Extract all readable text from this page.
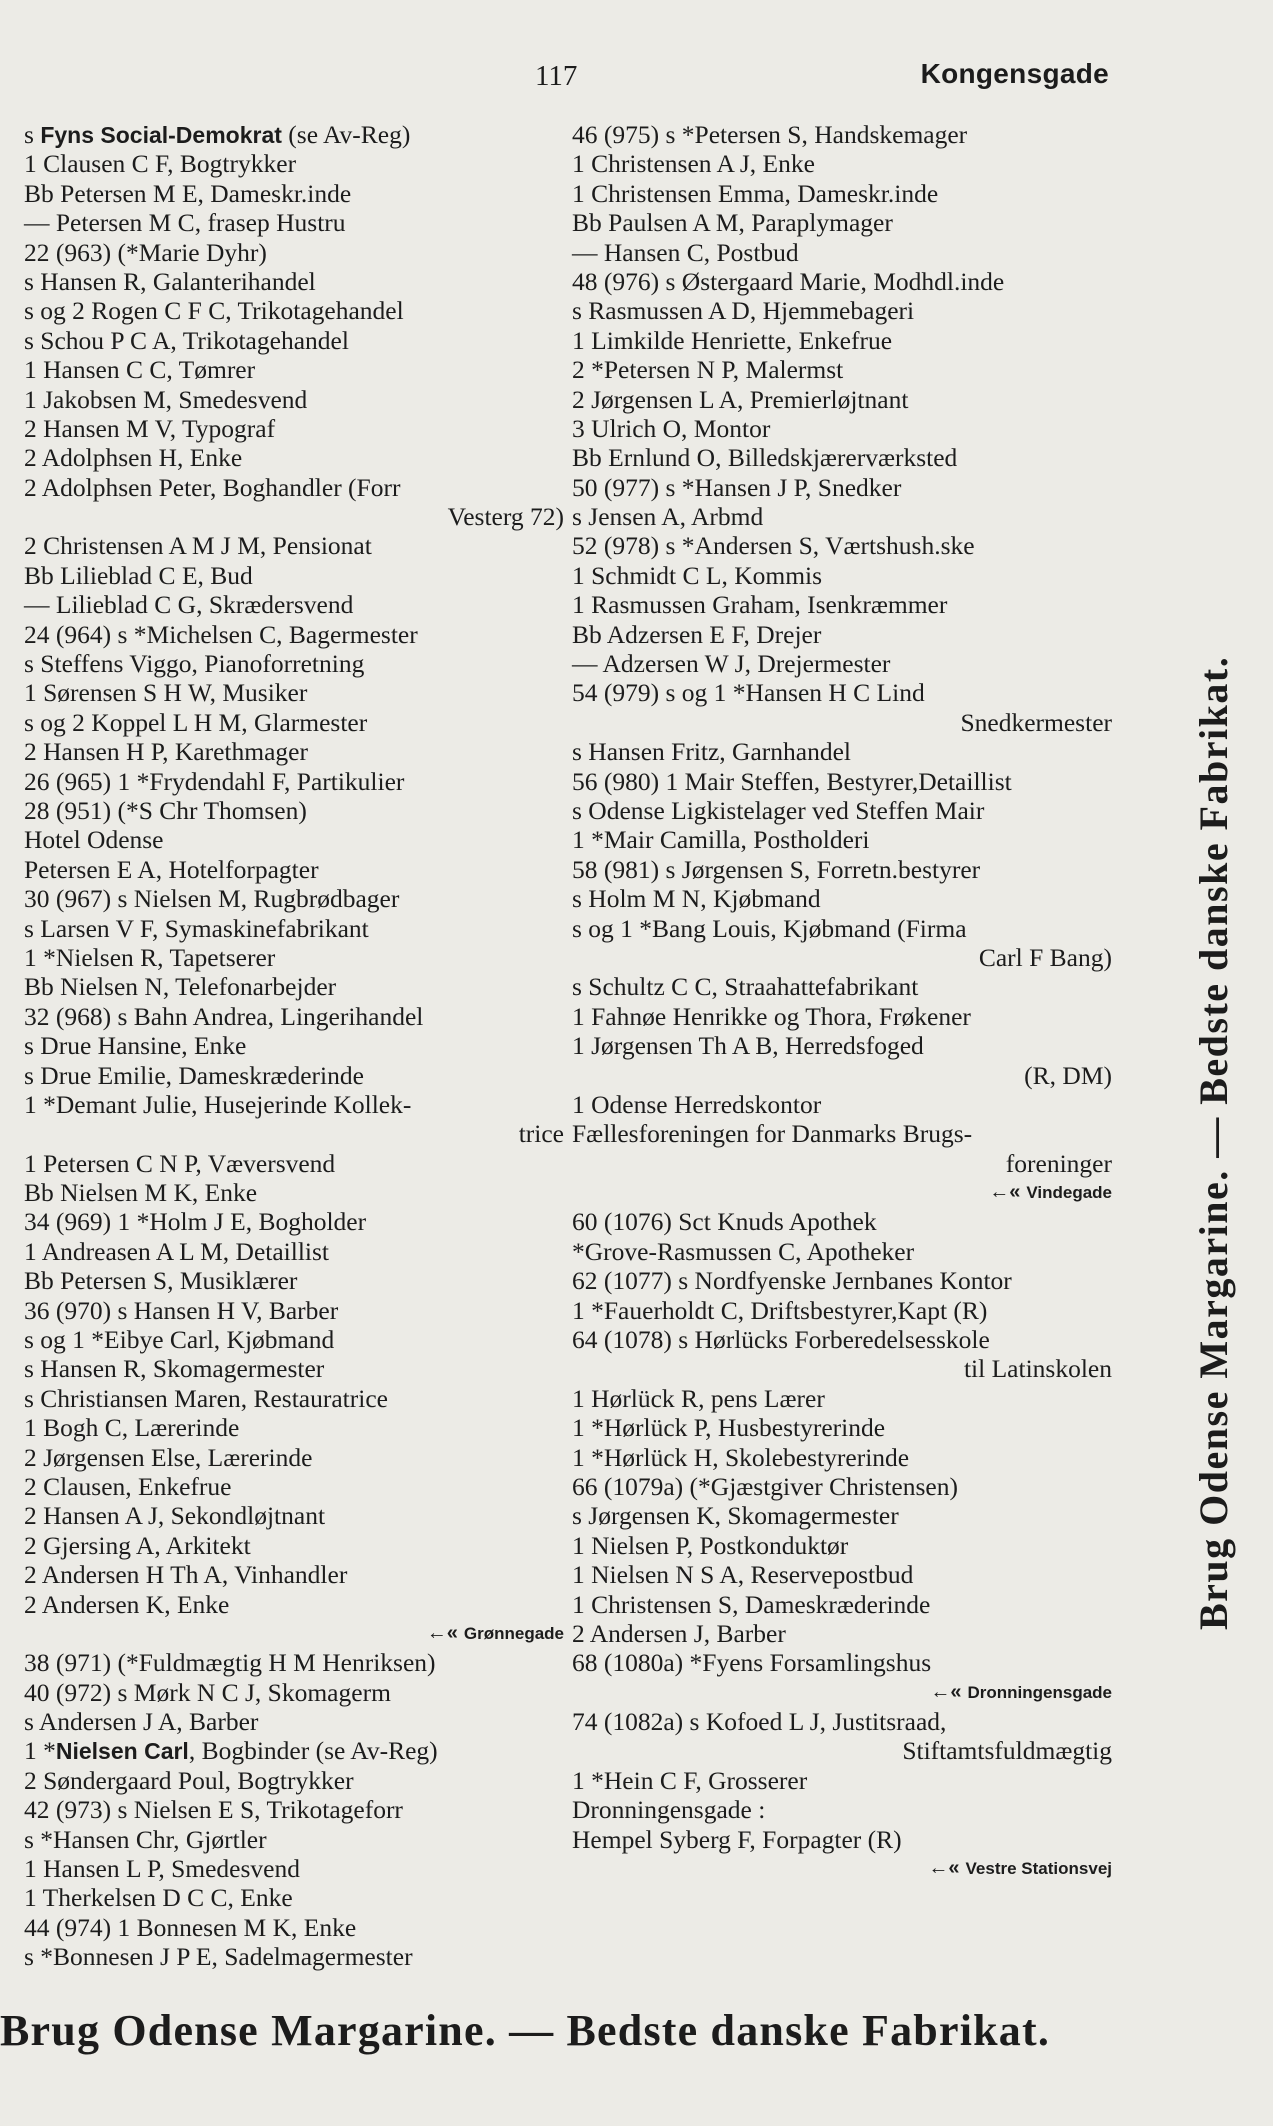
117	Kongensgade
s Fyns Social-Demokrat (se Av-Reg)
1 Clausen C F, Bogtrykker
Bb Petersen M E, Dameskr.inde
— Petersen M C, frasep Hustru
22 (963) (*Marie Dyhr)
s Hansen R, Galanterihandel
s og 2 Rogen C F C, Trikotagehandel
s Schou P C A, Trikotagehandel
1 Hansen C C, Tømrer
1 Jakobsen M, Smedesvend
2 Hansen M V, Typograf
2 Adolphsen H, Enke
2 Adolphsen Peter, Boghandler (Forr
Vesterg 72)
2 Christensen A M J M, Pensionat
Bb Lilieblad C E, Bud
— Lilieblad C G, Skrædersvend
24 (964) s *Michelsen C, Bagermester
s Steffens Viggo, Pianoforretning
1 Sørensen S H W, Musiker
s og 2 Koppel L H M, Glarmester
2 Hansen H P, Karethmager
26 (965) 1 *Frydendahl F, Partikulier
28 (951) (*S Chr Thomsen)
Hotel Odense
Petersen E A, Hotelforpagter
30 (967) s Nielsen M, Rugbrødbager
s Larsen V F, Symaskinefabrikant
1 *Nielsen R, Tapetserer
Bb Nielsen N, Telefonarbejder
32 (968) s Bahn Andrea, Lingerihandel
s Drue Hansine, Enke
s Drue Emilie, Dameskræderinde
1 *Demant Julie, Husejerinde Kollek-
trice
1 Petersen C N P, Væversvend
Bb Nielsen M K, Enke
34 (969) 1 *Holm J E, Bogholder
1 Andreasen A L M, Detaillist
Bb Petersen S, Musiklærer
36 (970) s Hansen H V, Barber
s og 1 *Eibye Carl, Kjøbmand
s Hansen R, Skomagermester
s Christiansen Maren, Restauratrice
1 Bogh C, Lærerinde
2 Jørgensen Else, Lærerinde
2 Clausen, Enkefrue
2 Hansen A J, Sekondløjtnant
2 Gjersing A, Arkitekt
2 Andersen H Th A, Vinhandler
2 Andersen K, Enke
←« Grønnegade
38 (971) (*Fuldmægtig H M Henriksen)
40 (972) s Mørk N C J, Skomagerm
s Andersen J A, Barber
1 *Nielsen Carl, Bogbinder (se Av-Reg)
2 Søndergaard Poul, Bogtrykker
42 (973) s Nielsen E S, Trikotageforr
s *Hansen Chr, Gjørtler
1 Hansen L P, Smedesvend
1 Therkelsen D C C, Enke
44 (974) 1 Bonnesen M K, Enke
s *Bonnesen J P E, Sadelmagermester
46 (975) s *Petersen S, Handskemager
1 Christensen A J, Enke
1 Christensen Emma, Dameskr.inde
Bb Paulsen A M, Paraplymager
— Hansen C, Postbud
48 (976) s Østergaard Marie, Modhdl.inde
s Rasmussen A D, Hjemmebageri
1 Limkilde Henriette, Enkefrue
2 *Petersen N P, Malermst
2 Jørgensen L A, Premierløjtnant
3 Ulrich O, Montor
Bb Ernlund O, Billedskjærerværksted
50 (977) s *Hansen J P, Snedker
s Jensen A, Arbmd
52 (978) s *Andersen S, Værtshush.ske
1 Schmidt C L, Kommis
1 Rasmussen Graham, Isenkræmmer
Bb Adzersen E F, Drejer
— Adzersen W J, Drejermester
54 (979) s og 1 *Hansen H C Lind
Snedkermester
s Hansen Fritz, Garnhandel
56 (980) 1 Mair Steffen, Bestyrer,Detaillist
s Odense Ligkistelager ved Steffen Mair
1 *Mair Camilla, Postholderi
58 (981) s Jørgensen S, Forretn.bestyrer
s Holm M N, Kjøbmand
s og 1 *Bang Louis, Kjøbmand (Firma
Carl F Bang)
s Schultz C C, Straahattefabrikant
1 Fahnøe Henrikke og Thora, Frøkener
1 Jørgensen Th A B, Herredsfoged
(R, DM)
1 Odense Herredskontor
Fællesforeningen for Danmarks Brugs-
foreninger
←« Vindegade
60 (1076) Sct Knuds Apothek
*Grove-Rasmussen C, Apotheker
62 (1077) s Nordfyenske Jernbanes Kontor
1 *Fauerholdt C, Driftsbestyrer,Kapt (R)
64 (1078) s Hørlücks Forberedelsesskole
til Latinskolen
1 Hørlück R, pens Lærer
1 *Hørlück P, Husbestyrerinde
1 *Hørlück H, Skolebestyrerinde
66 (1079a) (*Gjæstgiver Christensen)
s Jørgensen K, Skomagermester
1 Nielsen P, Postkonduktør
1 Nielsen N S A, Reservepostbud
1 Christensen S, Dameskræderinde
2 Andersen J, Barber
68 (1080a) *Fyens Forsamlingshus
←« Dronningensgade
74 (1082a) s Kofoed L J, Justitsraad,
Stiftamtsfuldmægtig
1 *Hein C F, Grosserer
Dronningensgade :
Hempel Syberg F, Forpagter (R)
←« Vestre Stationsvej
Brug Odense Margarine. — Bedste danske Fabrikat.
Brug Odense Margarine. — Bedste danske Fabrikat.
